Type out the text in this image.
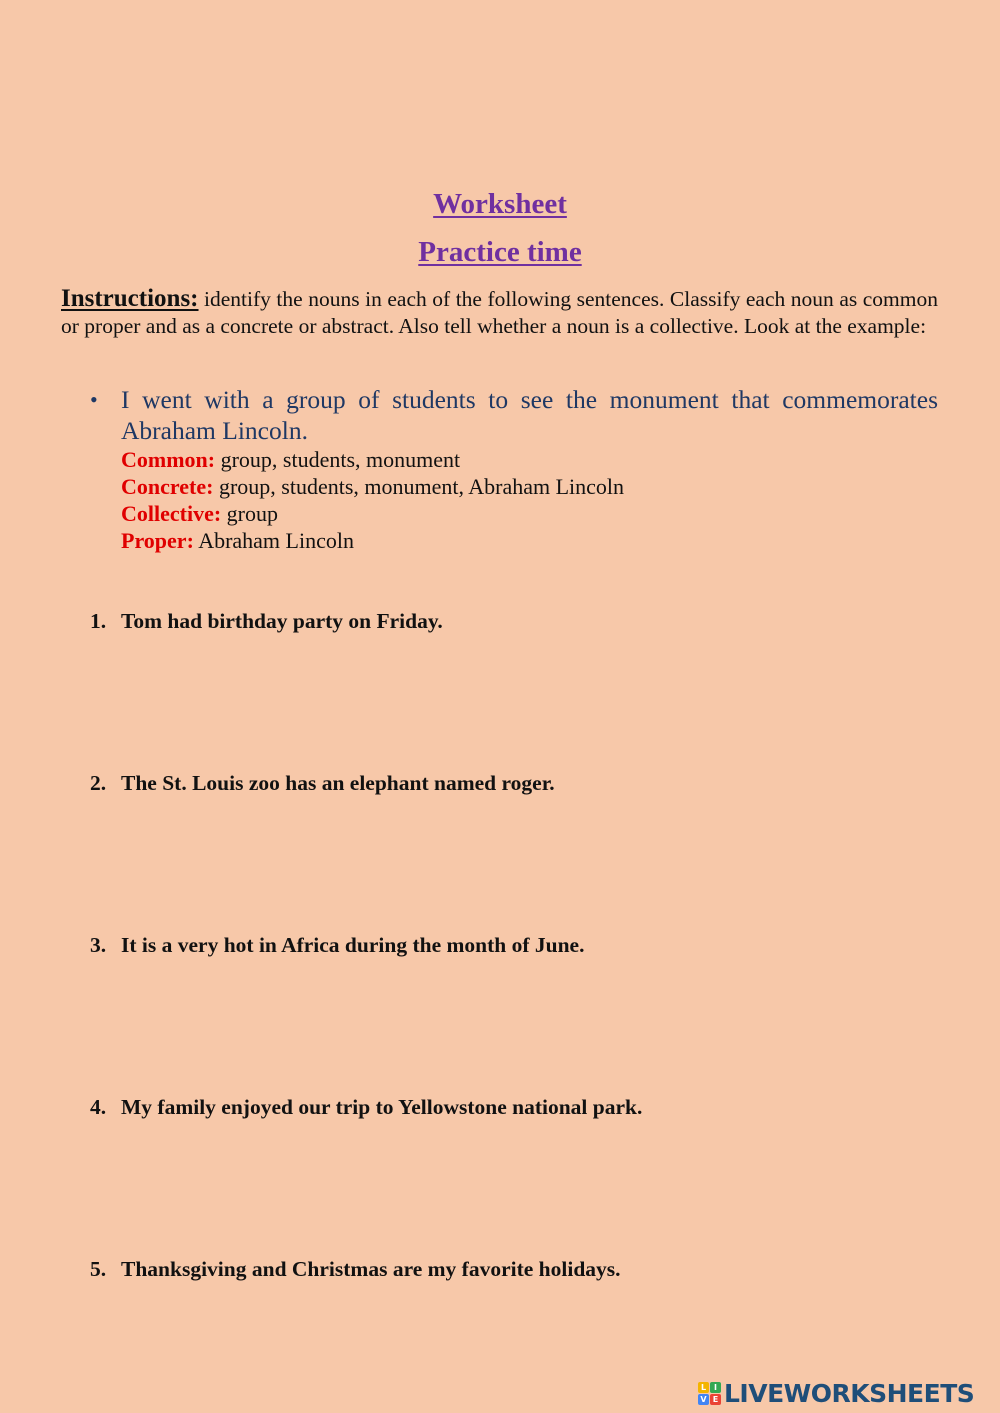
Worksheet
Practice time

Instructions: identify the nouns in each of the following sentences. Classify each noun as common or proper and as a concrete or abstract. Also tell whether a noun is a collective. Look at the example:

• I went with a group of students to see the monument that commemorates
Abraham Lincoln.
Common: group, students, monument
Concrete: group, students, monument, Abraham Lincoln
Collective: group
Proper: Abraham Lincoln

1. Tom had birthday party on Friday.

2. The St. Louis zoo has an elephant named roger.

3. It is a very hot in Africa during the month of June.

4. My family enjoyed our trip to Yellowstone national park.

5. Thanksgiving and Christmas are my favorite holidays.

L I
V E LIVEWORKSHEETS
